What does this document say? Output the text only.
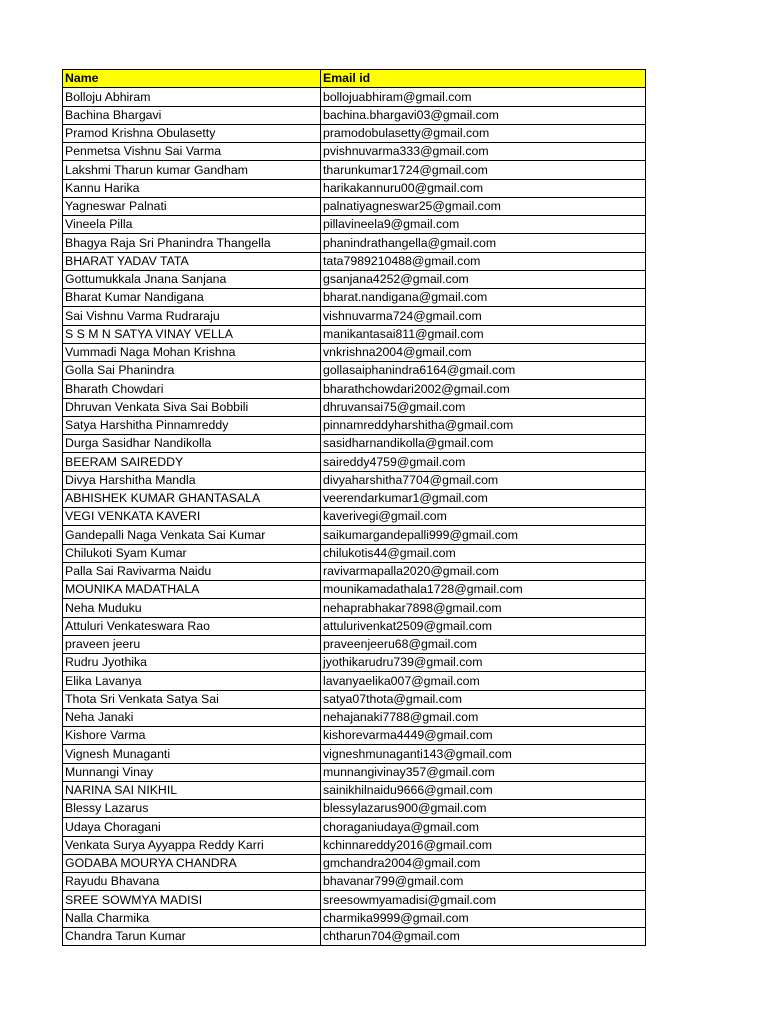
Name	Email id
Bolloju Abhiram	bollojuabhiram@gmail.com
Bachina Bhargavi	bachina.bhargavi03@gmail.com
Pramod Krishna Obulasetty	pramodobulasetty@gmail.com
Penmetsa Vishnu Sai Varma	pvishnuvarma333@gmail.com
Lakshmi Tharun kumar Gandham	tharunkumar1724@gmail.com
Kannu Harika	harikakannuru00@gmail.com
Yagneswar Palnati	palnatiyagneswar25@gmail.com
Vineela Pilla	pillavineela9@gmail.com
Bhagya Raja Sri Phanindra Thangella	phanindrathangella@gmail.com
BHARAT YADAV TATA	tata7989210488@gmail.com
Gottumukkala Jnana Sanjana	gsanjana4252@gmail.com
Bharat Kumar Nandigana	bharat.nandigana@gmail.com
Sai Vishnu Varma Rudraraju	vishnuvarma724@gmail.com
S S M N SATYA VINAY VELLA	manikantasai811@gmail.com
Vummadi Naga Mohan Krishna	vnkrishna2004@gmail.com
Golla Sai Phanindra	gollasaiphanindra6164@gmail.com
Bharath Chowdari	bharathchowdari2002@gmail.com
Dhruvan Venkata Siva Sai Bobbili	dhruvansai75@gmail.com
Satya Harshitha Pinnamreddy	pinnamreddyharshitha@gmail.com
Durga Sasidhar Nandikolla	sasidharnandikolla@gmail.com
BEERAM SAIREDDY	saireddy4759@gmail.com
Divya Harshitha Mandla	divyaharshitha7704@gmail.com
ABHISHEK KUMAR GHANTASALA	veerendarkumar1@gmail.com
VEGI VENKATA KAVERI	kaverivegi@gmail.com
Gandepalli Naga Venkata Sai Kumar	saikumargandepalli999@gmail.com
Chilukoti Syam Kumar	chilukotis44@gmail.com
Palla Sai Ravivarma Naidu	ravivarmapalla2020@gmail.com
MOUNIKA MADATHALA	mounikamadathala1728@gmail.com
Neha Muduku	nehaprabhakar7898@gmail.com
Attuluri Venkateswara Rao	attulurivenkat2509@gmail.com
praveen jeeru	praveenjeeru68@gmail.com
Rudru Jyothika	jyothikarudru739@gmail.com
Elika Lavanya	lavanyaelika007@gmail.com
Thota Sri Venkata Satya Sai	satya07thota@gmail.com
Neha Janaki	nehajanaki7788@gmail.com
Kishore Varma	kishorevarma4449@gmail.com
Vignesh Munaganti	vigneshmunaganti143@gmail.com
Munnangi Vinay	munnangivinay357@gmail.com
NARINA SAI NIKHIL	sainikhilnaidu9666@gmail.com
Blessy Lazarus	blessylazarus900@gmail.com
Udaya Choragani	choraganiudaya@gmail.com
Venkata Surya Ayyappa Reddy Karri	kchinnareddy2016@gmail.com
GODABA MOURYA CHANDRA	gmchandra2004@gmail.com
Rayudu Bhavana	bhavanar799@gmail.com
SREE SOWMYA MADISI	sreesowmyamadisi@gmail.com
Nalla Charmika	charmika9999@gmail.com
Chandra Tarun Kumar	chtharun704@gmail.com
